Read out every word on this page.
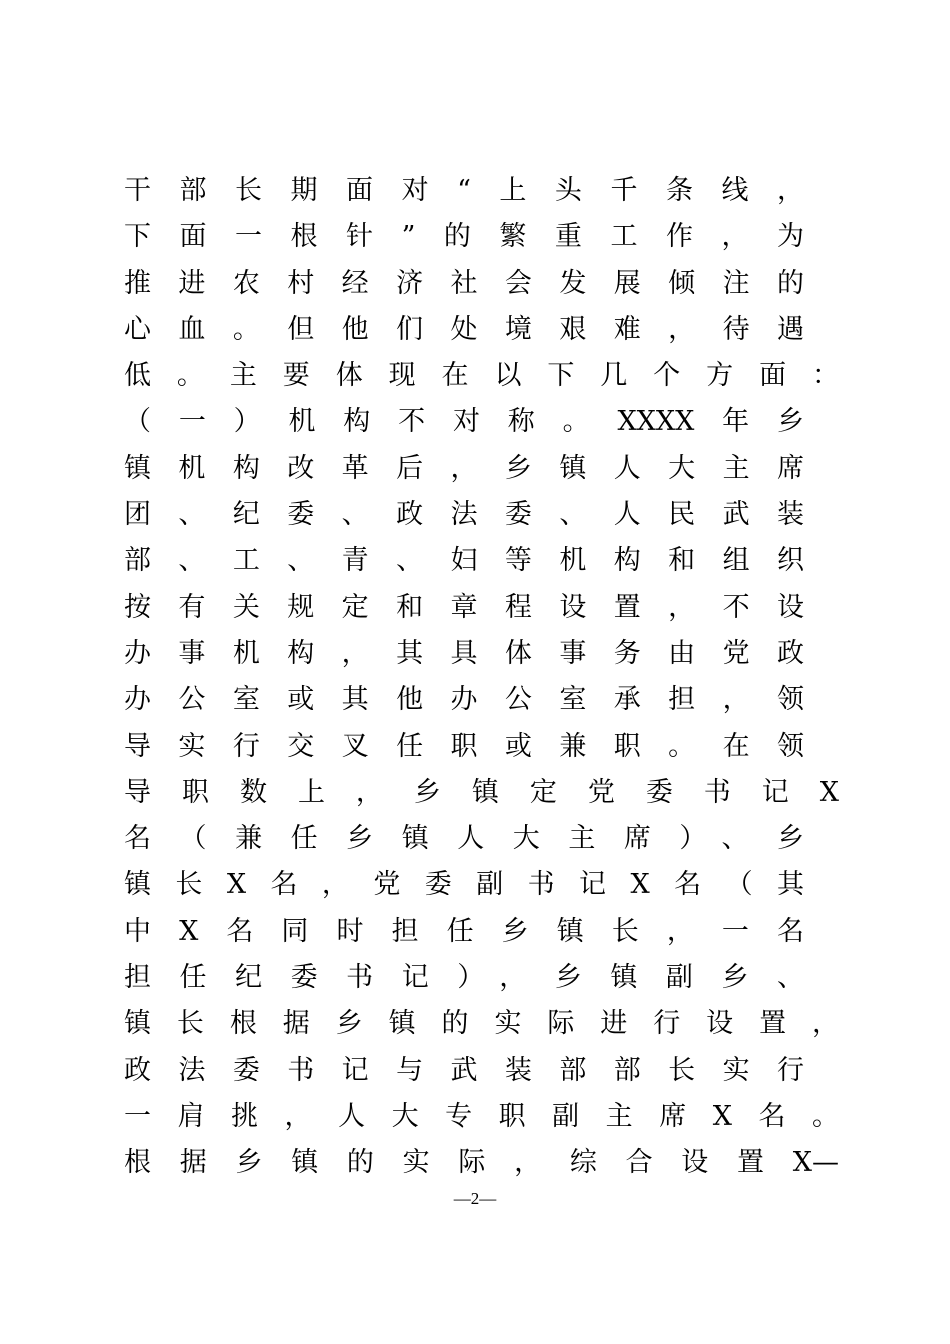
干部长期面对“上头千条线，
下面一根针”的繁重工作，为
推进农村经济社会发展倾注的
心血。但他们处境艰难，待遇
低。主要体现在以下几个方面：
（一）机构不对称。XXXX年乡
镇机构改革后，乡镇人大主席
团、纪委、政法委、人民武装
部、工、青、妇等机构和组织
按有关规定和章程设置，不设
办事机构，其具体事务由党政
办公室或其他办公室承担，领
导实行交叉任职或兼职。在领
导职数上，乡镇定党委书记X
名（兼任乡镇人大主席）、乡
镇长X名，党委副书记X名（其
中X名同时担任乡镇长，一名
担任纪委书记），乡镇副乡、
镇长根据乡镇的实际进行设置，
政法委书记与武装部部长实行
一肩挑，人大专职副主席X名。
根据乡镇的实际，综合设置X—
—2—
